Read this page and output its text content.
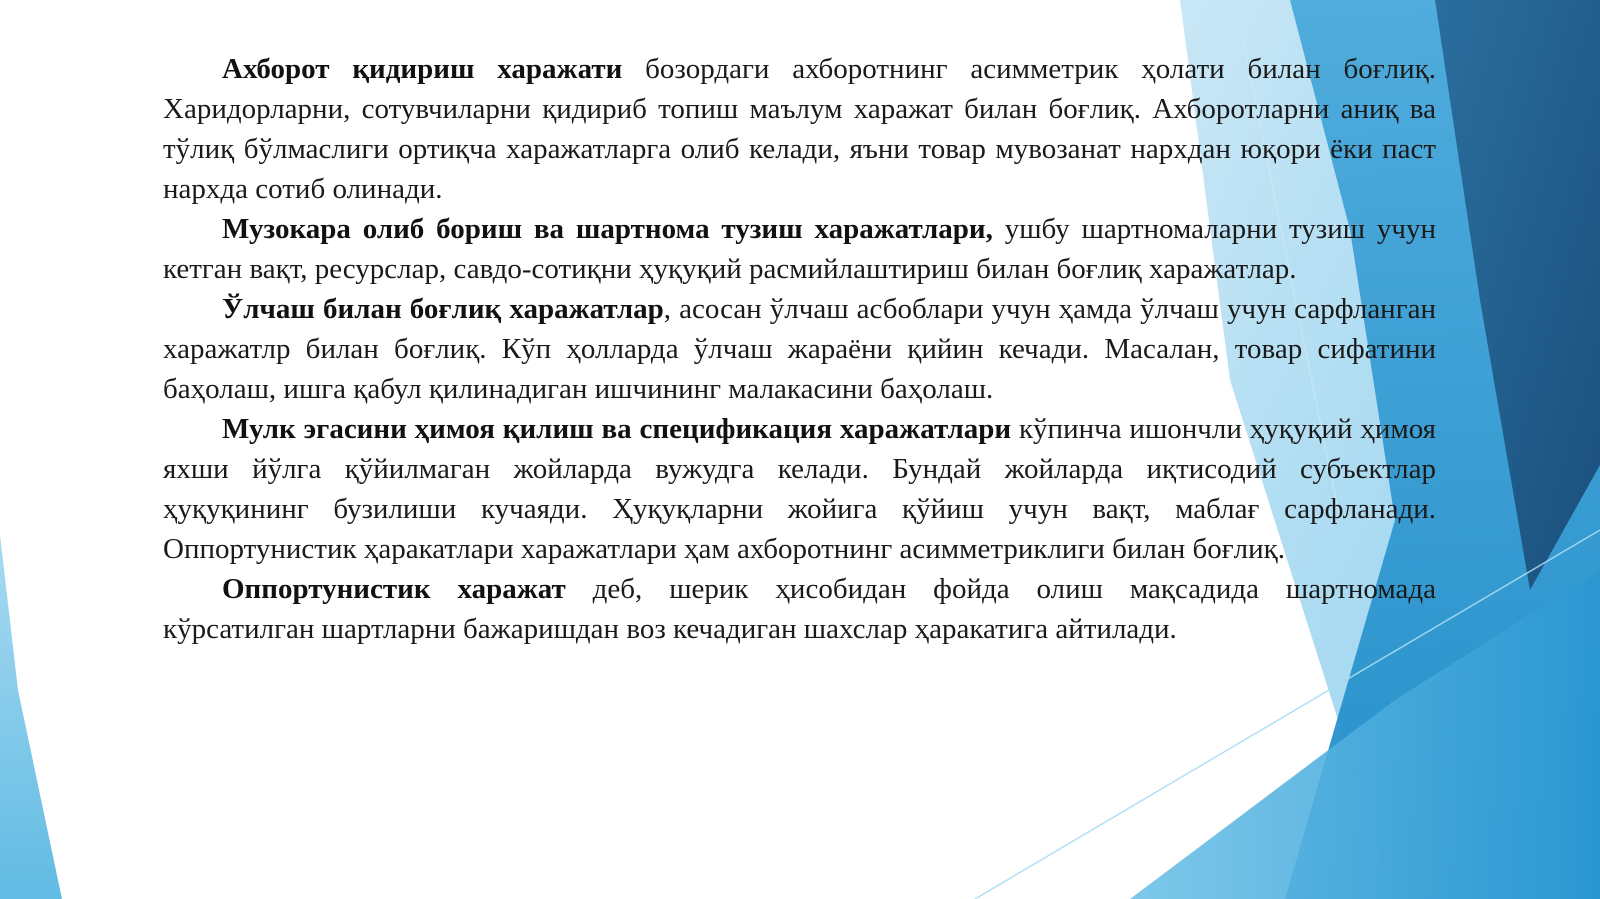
Ахборот қидириш харажати бозордаги ахборотнинг асимметрик ҳолати билан боғлиқ. Харидорларни, сотувчиларни қидириб топиш маълум харажат билан боғлиқ. Ахборотларни аниқ ва тўлиқ бўлмаслиги ортиқча харажатларга олиб келади, яъни товар мувозанат нархдан юқори ёки паст нархда сотиб олинади.

Музокара олиб бориш ва шартнома тузиш харажатлари, ушбу шартномаларни тузиш учун кетган вақт, ресурслар, савдо-сотиқни ҳуқуқий расмийлаштириш билан боғлиқ харажатлар.

Ўлчаш билан боғлиқ харажатлар, асосан ўлчаш асбоблари учун ҳамда ўлчаш учун сарфланган харажатлр билан боғлиқ. Кўп ҳолларда ўлчаш жараёни қийин кечади. Масалан, товар сифатини баҳолаш, ишга қабул қилинадиган ишчининг малакасини баҳолаш.

Мулк эгасини ҳимоя қилиш ва спецификация харажатлари кўпинча ишончли ҳуқуқий ҳимоя яхши йўлга қўйилмаган жойларда вужудга келади. Бундай жойларда иқтисодий субъектлар ҳуқуқининг бузилиши кучаяди. Ҳуқуқларни жойига қўйиш учун вақт, маблағ сарфланади. Оппортунистик ҳаракатлари харажатлари ҳам ахборотнинг асимметриклиги билан боғлиқ.

Оппортунистик харажат деб, шерик ҳисобидан фойда олиш мақсадида шартномада кўрсатилган шартларни бажаришдан воз кечадиган шахслар ҳаракатига айтилади.
